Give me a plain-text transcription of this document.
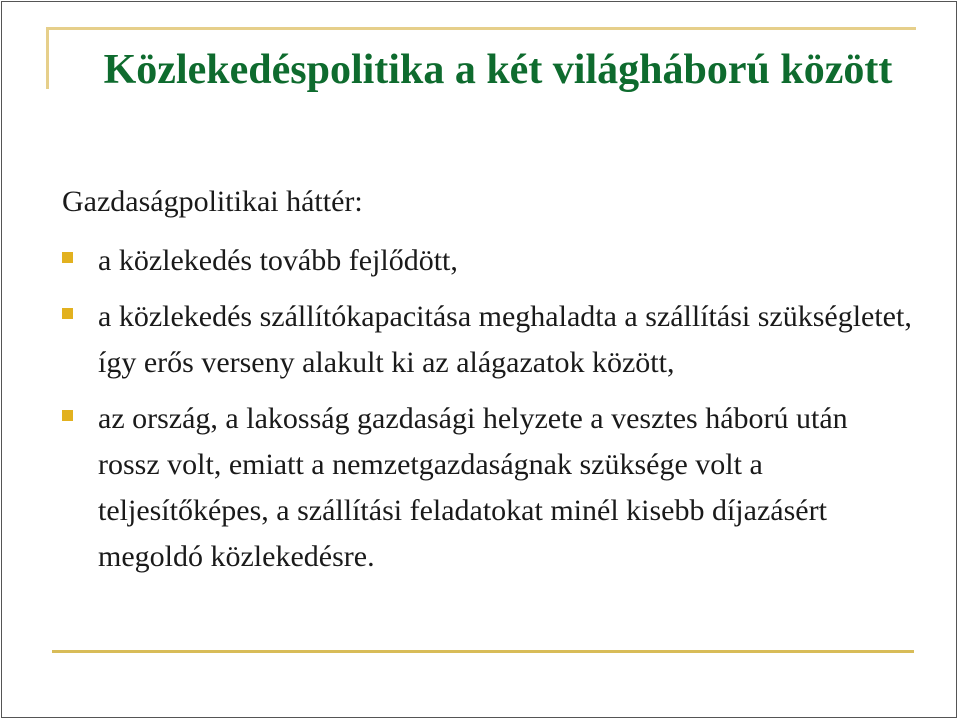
Közlekedéspolitika a két világháború között
Gazdaságpolitikai háttér:
a közlekedés tovább fejlődött,
a közlekedés szállítókapacitása meghaladta a szállítási szükségletet, így erős verseny alakult ki az alágazatok között,
az ország, a lakosság gazdasági helyzete a vesztes háború után rossz volt, emiatt a nemzetgazdaságnak szüksége volt a teljesítőképes, a szállítási feladatokat minél kisebb díjazásért megoldó közlekedésre.
